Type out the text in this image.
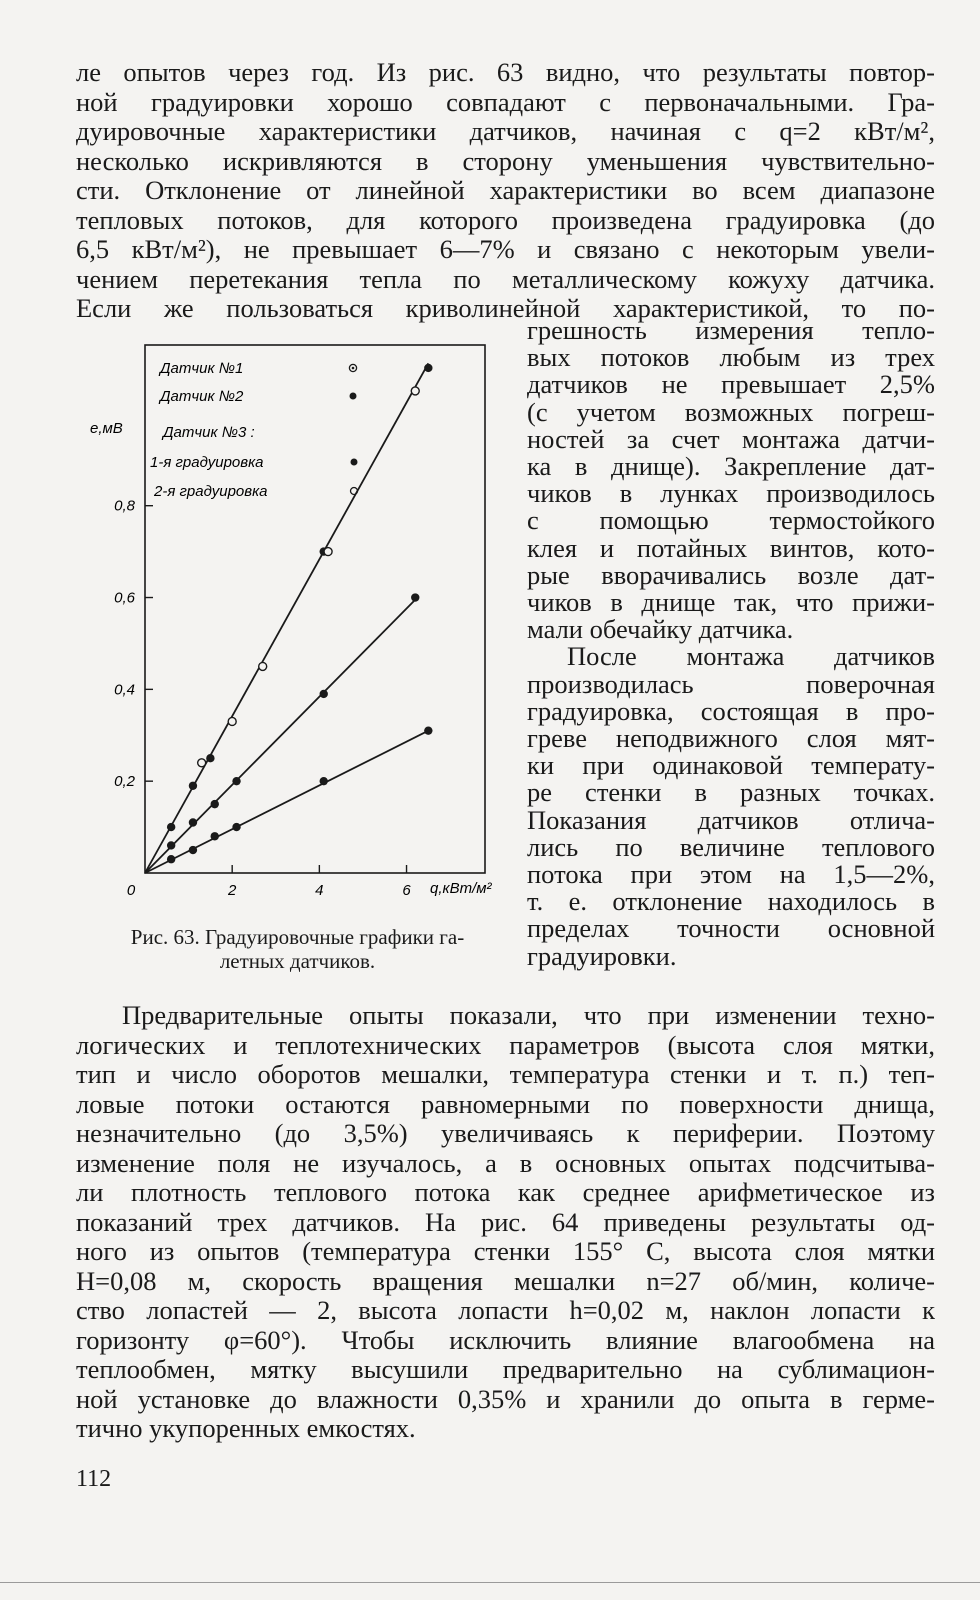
ле опытов через год. Из рис. 63 видно, что результаты повтор-
ной градуировки хорошо совпадают с первоначальными. Гра-
дуировочные характеристики датчиков, начиная с q=2 кВт/м²,
несколько искривляются в сторону уменьшения чувствительно-
сти. Отклонение от линейной характеристики во всем диапазоне
тепловых потоков, для которого произведена градуировка (до
6,5 кВт/м²), не превышает 6—7% и связано с некоторым увели-
чением перетекания тепла по металлическому кожуху датчика.
Если же пользоваться криволинейной характеристикой, то по-
грешность измерения тепло-
вых потоков любым из трех
датчиков не превышает 2,5%
(с учетом возможных погреш-
ностей за счет монтажа датчи-
ка в днище). Закрепление дат-
чиков в лунках производилось
с помощью термостойкого
клея и потайных винтов, кото-
рые вворачивались возле дат-
чиков в днище так, что прижи-
мали обечайку датчика.
После монтажа датчиков
производилась поверочная
градуировка, состоящая в про-
греве неподвижного слоя мят-
ки при одинаковой температу-
ре стенки в разных точках.
Показания датчиков отлича-
лись по величине теплового
потока при этом на 1,5—2%,
т. е. отклонение находилось в
пределах точности основной
градуировки.
0,2
0,4
0,6
0,8
0	2	4	6
Датчик №1
Датчик №2
Датчик №3 :
1-я градуировка
2-я градуировка
е,мВ
q,кВт/м²
Рис. 63. Градуировочные графики га-
летных датчиков.
Предварительные опыты показали, что при изменении техно-
логических и теплотехнических параметров (высота слоя мятки,
тип и число оборотов мешалки, температура стенки и т. п.) теп-
ловые потоки остаются равномерными по поверхности днища,
незначительно (до 3,5%) увеличиваясь к периферии. Поэтому
изменение поля не изучалось, а в основных опытах подсчитыва-
ли плотность теплового потока как среднее арифметическое из
показаний трех датчиков. На рис. 64 приведены результаты од-
ного из опытов (температура стенки 155° С, высота слоя мятки
H=0,08 м, скорость вращения мешалки n=27 об/мин, количе-
ство лопастей — 2, высота лопасти h=0,02 м, наклон лопасти к
горизонту φ=60°). Чтобы исключить влияние влагообмена на
теплообмен, мятку высушили предварительно на сублимацион-
ной установке до влажности 0,35% и хранили до опыта в герме-
тично укупоренных емкостях.
112
